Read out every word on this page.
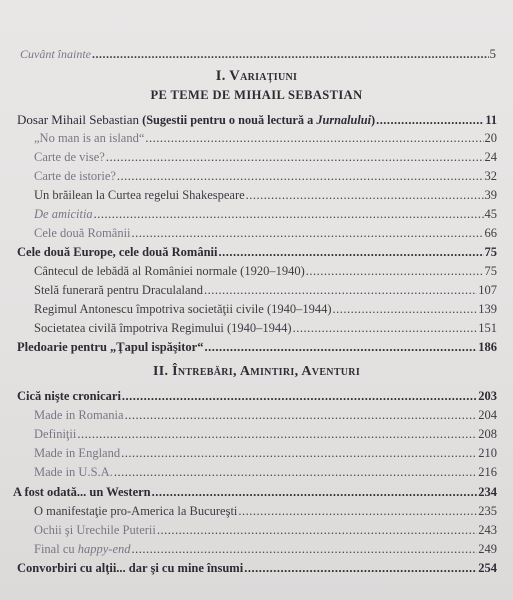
Cuvânt înainte .....	5
I. Variaţiuni
PE TEME DE MIHAIL SEBASTIAN
Dosar Mihail Sebastian (Sugestii pentru o nouă lectură a Jurnalului) .....	11
„No man is an island“ .....	20
Carte de vise? .....	24
Carte de istorie? .....	32
Un brăilean la Curtea regelui Shakespeare .....	39
De amicitia .....	45
Cele două Românii .....	66
Cele două Europe, cele două Românii .....	75
Cântecul de lebădă al României normale (1920–1940) .....	75
Stelă funerară pentru Draculaland .....	107
Regimul Antonescu împotriva societăţii civile (1940–1944) .....	139
Societatea civilă împotriva Regimului (1940–1944) .....	151
Pledoarie pentru „Ţapul ispăşitor“ .....	186
II. Întrebări, Amintiri, Aventuri
Cică nişte cronicari .....	203
Made in Romania .....	204
Definiţii .....	208
Made in England .....	210
Made in U.S.A. .....	216
A fost odată... un Western .....	234
O manifestaţie pro-America la Bucureşti .....	235
Ochii şi Urechile Puterii .....	243
Final cu happy-end .....	249
Convorbiri cu alţii... dar şi cu mine însumi .....	254
